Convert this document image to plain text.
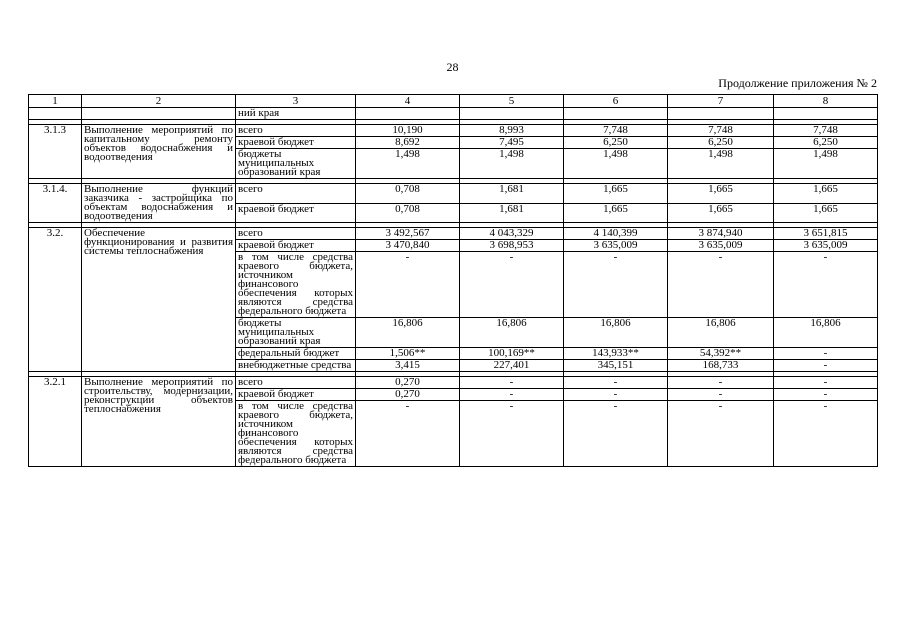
28
Продолжение приложения № 2
1	2	3	4	5	6	7	8
		ний края					

3.1.3	Выполнение мероприятий по капитальному ремонту объектов водоснабжения и водоотведения	всего	10,190	8,993	7,748	7,748	7,748
		краевой бюджет	8,692	7,495	6,250	6,250	6,250
		бюджеты муниципальных образований края	1,498	1,498	1,498	1,498	1,498

3.1.4.	Выполнение функций заказчика - застройщика по объектам водоснабжения и водоотведения	всего	0,708	1,681	1,665	1,665	1,665
		краевой бюджет	0,708	1,681	1,665	1,665	1,665

3.2.	Обеспечение функционирования и развития системы теплоснабжения	всего	3 492,567	4 043,329	4 140,399	3 874,940	3 651,815
		краевой бюджет	3 470,840	3 698,953	3 635,009	3 635,009	3 635,009
		в том числе средства краевого бюджета, источником финансового обеспечения которых являются средства федерального бюджета	-	-	-	-	-
		бюджеты муниципальных образований края	16,806	16,806	16,806	16,806	16,806
		федеральный бюджет	1,506**	100,169**	143,933**	54,392**	-
		внебюджетные средства	3,415	227,401	345,151	168,733	-

3.2.1	Выполнение мероприятий по строительству, модернизации, реконструкции объектов теплоснабжения	всего	0,270	-	-	-	-
		краевой бюджет	0,270	-	-	-	-
		в том числе средства краевого бюджета, источником финансового обеспечения которых являются средства федерального бюджета	-	-	-	-	-
